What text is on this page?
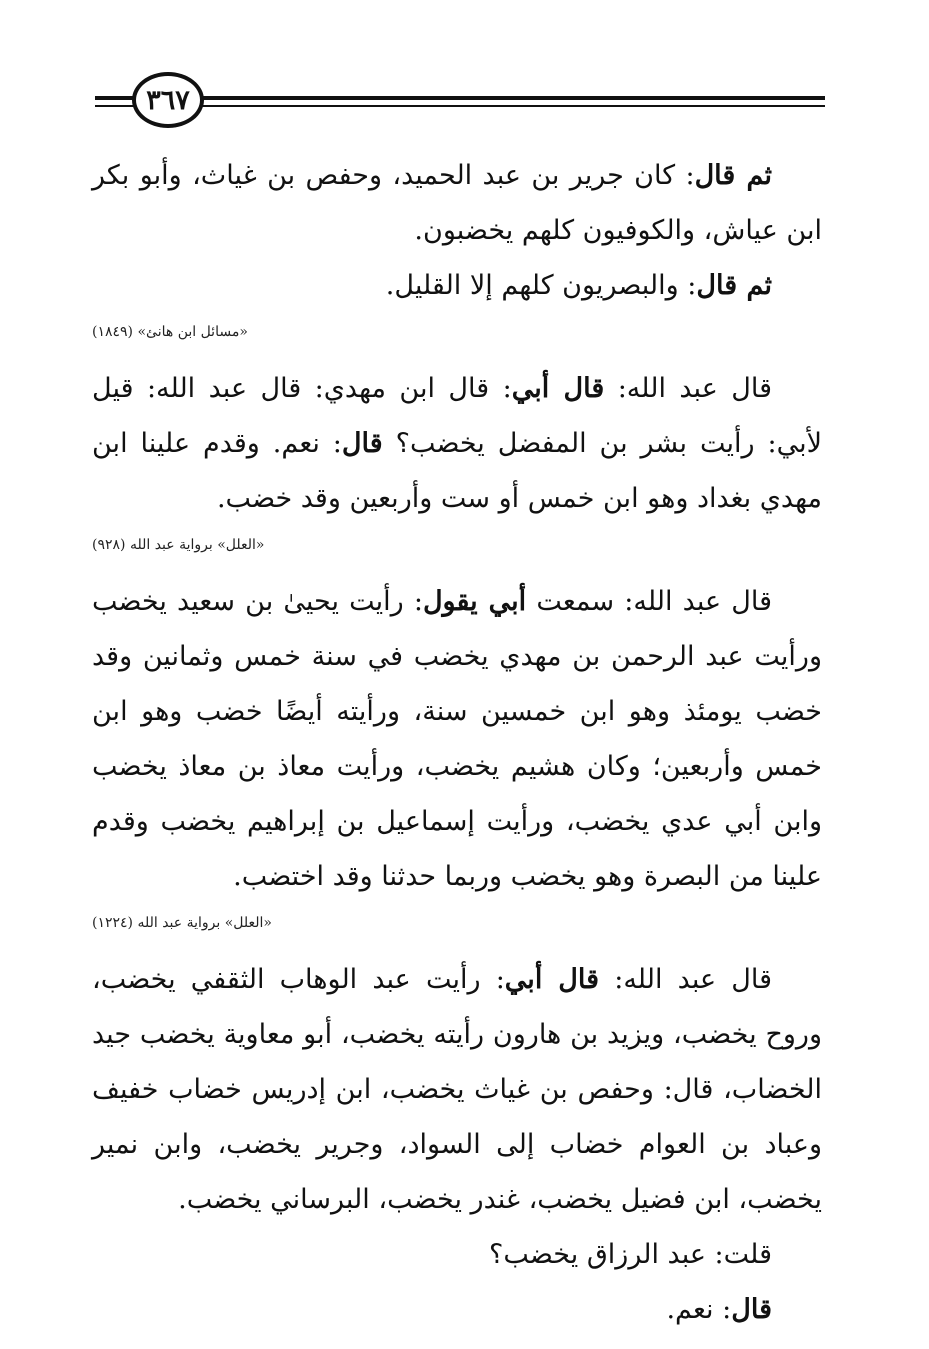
٣٦٧

ثم قال: كان جرير بن عبد الحميد، وحفص بن غياث، وأبو بكر ابن عياش، والكوفيون كلهم يخضبون.

ثم قال: والبصريون كلهم إلا القليل.

«مسائل ابن هانئ» (١٨٤٩)

قال عبد الله: قال أبي: قال ابن مهدي: قال عبد الله: قيل لأبي: رأيت بشر بن المفضل يخضب؟ قال: نعم. وقدم علينا ابن مهدي بغداد وهو ابن خمس أو ست وأربعين وقد خضب.

«العلل» برواية عبد الله (٩٢٨)

قال عبد الله: سمعت أبي يقول: رأيت يحيىٰ بن سعيد يخضب ورأيت عبد الرحمن بن مهدي يخضب في سنة خمس وثمانين وقد خضب يومئذ وهو ابن خمسين سنة، ورأيته أيضًا خضب وهو ابن خمس وأربعين؛ وكان هشيم يخضب، ورأيت معاذ بن معاذ يخضب وابن أبي عدي يخضب، ورأيت إسماعيل بن إبراهيم يخضب وقدم علينا من البصرة وهو يخضب وربما حدثنا وقد اختضب.

«العلل» برواية عبد الله (١٢٢٤)

قال عبد الله: قال أبي: رأيت عبد الوهاب الثقفي يخضب، وروح يخضب، ويزيد بن هارون رأيته يخضب، أبو معاوية يخضب جيد الخضاب، قال: وحفص بن غياث يخضب، ابن إدريس خضاب خفيف وعباد بن العوام خضاب إلى السواد، وجرير يخضب، وابن نمير يخضب، ابن فضيل يخضب، غندر يخضب، البرساني يخضب.

قلت: عبد الرزاق يخضب؟

قال: نعم.
